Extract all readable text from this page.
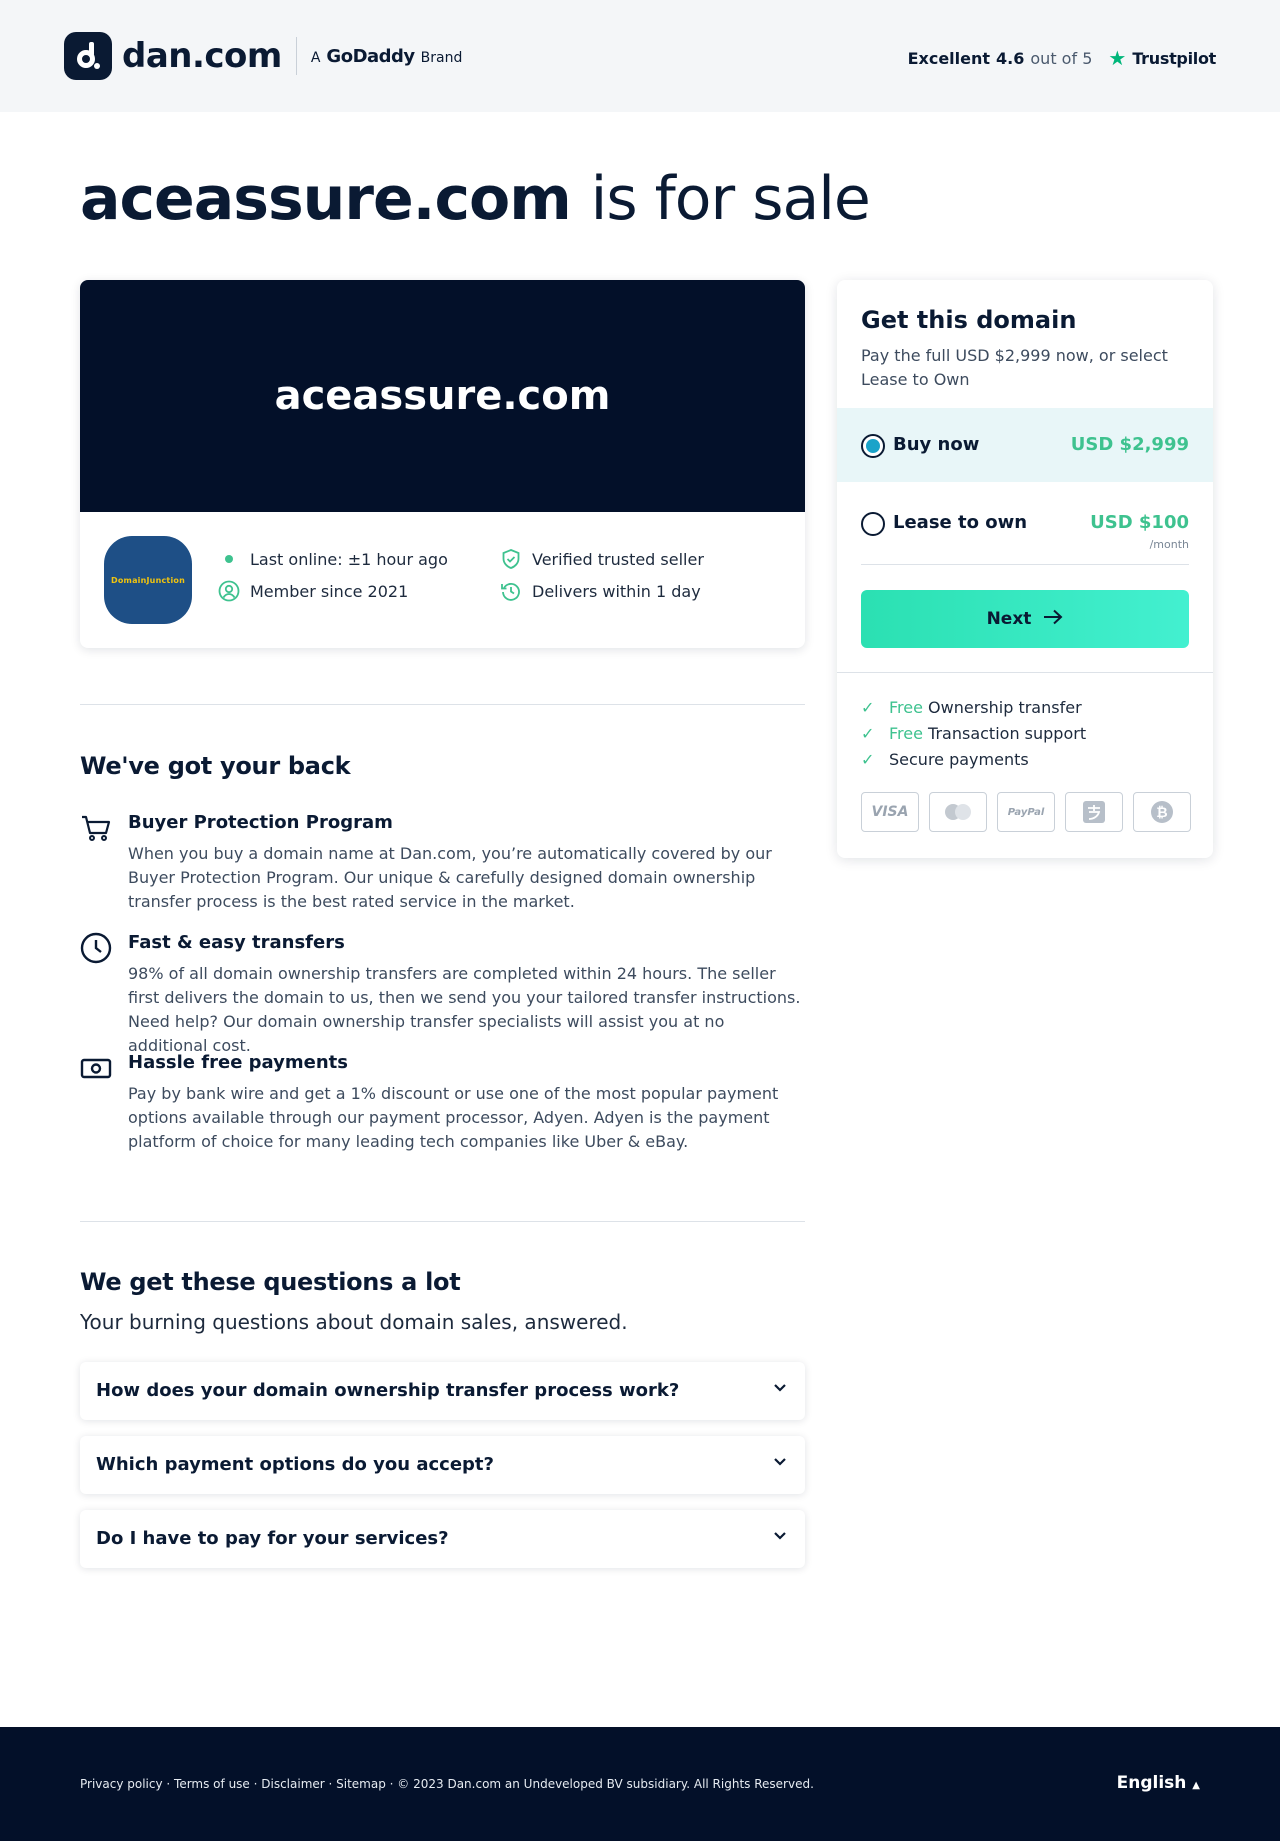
dan.com A GoDaddy Brand	Excellent 4.6 out of 5 ★ Trustpilot
aceassure.com is for sale
aceassure.com
DomainJunction
Last online: ±1 hour ago
Member since 2021
Verified trusted seller
Delivers within 1 day
Get this domain

Pay the full USD $2,999 now, or select Lease to Own

Buy now	USD $2,999
Lease to own	USD $100
/month
Next
✓ Free Ownership transfer
✓ Free Transaction support
✓ Secure payments
VISA	PayPal	₿
We've got your back
Buyer Protection Program

When you buy a domain name at Dan.com, you’re automatically covered by our Buyer Protection Program. Our unique & carefully designed domain ownership transfer process is the best rated service in the market.

Fast & easy transfers

98% of all domain ownership transfers are completed within 24 hours. The seller first delivers the domain to us, then we send you your tailored transfer instructions. Need help? Our domain ownership transfer specialists will assist you at no additional cost.

Hassle free payments

Pay by bank wire and get a 1% discount or use one of the most popular payment options available through our payment processor, Adyen. Adyen is the payment platform of choice for many leading tech companies like Uber & eBay.

We get these questions a lot

Your burning questions about domain sales, answered.

How does your domain ownership transfer process work?
Which payment options do you accept?
Do I have to pay for your services?
Privacy policy · Terms of use · Disclaimer · Sitemap · © 2023 Dan.com an Undeveloped BV subsidiary. All Rights Reserved.	English ▲
